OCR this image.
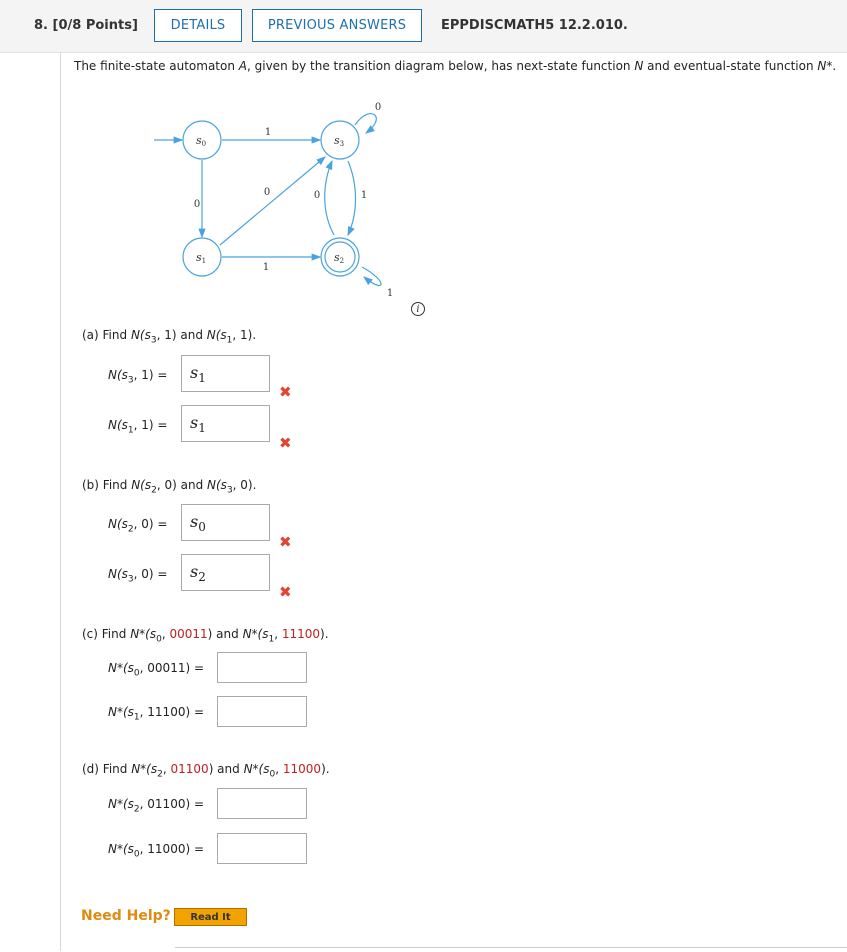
8. [0/8 Points]	DETAILS	PREVIOUS ANSWERS	EPPDISCMATH5 12.2.010.
The finite-state automaton A, given by the transition diagram below, has next-state function N and eventual-state function N*.
s0
s1
s3
s2
1
0
0
1
0	1
0
1
i
(a) Find $N(s_3$, 1) and $N(s_1$, 1).
$N(s_3$, 1) =	$s_1$
✖
$N(s_1$, 1) =	$s_1$
✖
(b) Find $N(s_2$, 0) and $N(s_3$, 0).
$N(s_2$, 0) =	$s_0$
✖
$N(s_3$, 0) =	$s_2$
✖
(c) Find $N*(s_0$, 00011) and $N*(s_1$, 11100).
$N*(s_0$, 00011) =
$N*(s_1$, 11100) =
(d) Find $N*(s_2$, 01100) and $N*(s_0$, 11000).
$N*(s_2$, 01100) =
$N*(s_0$, 11000) =
Need Help?	Read It
